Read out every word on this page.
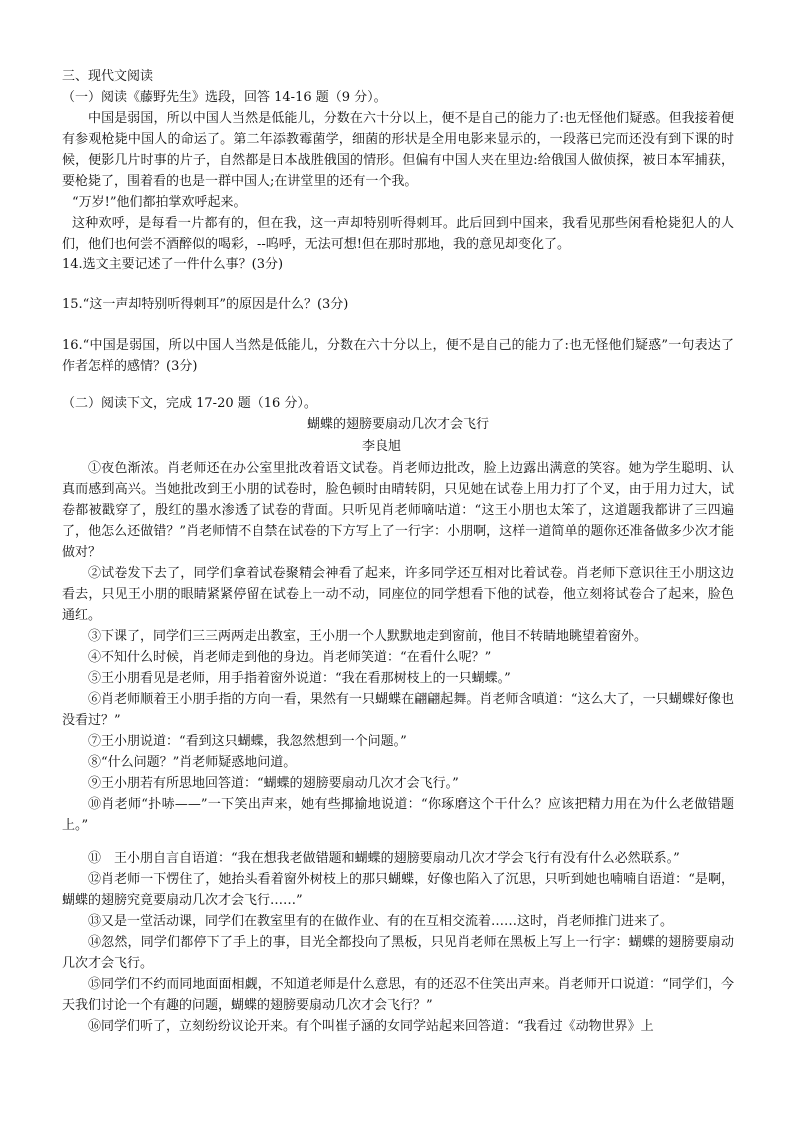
三、现代文阅读

（一）阅读《藤野先生》选段，回答 14-16 题（9 分）。

中国是弱国，所以中国人当然是低能儿，分数在六十分以上，便不是自己的能力了:也无怪他们疑惑。但我接着便有参观枪毙中国人的命运了。第二年添教霉菌学，细菌的形状是全用电影来显示的，一段落已完而还没有到下课的时候，便影几片时事的片子，自然都是日本战胜俄国的情形。但偏有中国人夹在里边:给俄国人做侦探，被日本军捕获，要枪毙了，围着看的也是一群中国人;在讲堂里的还有一个我。

“万岁!”他们都拍掌欢呼起来。

这种欢呼，是每看一片都有的，但在我，这一声却特别听得刺耳。此后回到中国来，我看见那些闲看枪毙犯人的人们，他们也何尝不酒醉似的喝彩，--呜呼，无法可想!但在那时那地，我的意见却变化了。

14.选文主要记述了一件什么事？(3分)

15.“这一声却特别听得刺耳”的原因是什么？(3分)

16.“中国是弱国，所以中国人当然是低能儿，分数在六十分以上，便不是自己的能力了:也无怪他们疑惑”一句表达了作者怎样的感情？(3分)

（二）阅读下文，完成 17-20 题（16 分）。

蝴蝶的翅膀要扇动几次才会飞行

李良旭

①夜色渐浓。肖老师还在办公室里批改着语文试卷。肖老师边批改，脸上边露出满意的笑容。她为学生聪明、认真而感到高兴。当她批改到王小朋的试卷时，脸色顿时由晴转阴，只见她在试卷上用力打了个叉，由于用力过大，试卷都被戳穿了，殷红的墨水渗透了试卷的背面。只听见肖老师嘀咕道：“这王小朋也太笨了，这道题我都讲了三四遍了，他怎么还做错？”肖老师情不自禁在试卷的下方写上了一行字：小朋啊，这样一道简单的题你还准备做多少次才能做对？

②试卷发下去了，同学们拿着试卷聚精会神看了起来，许多同学还互相对比着试卷。肖老师下意识往王小朋这边看去，只见王小朋的眼睛紧紧停留在试卷上一动不动，同座位的同学想看下他的试卷，他立刻将试卷合了起来，脸色通红。

③下课了，同学们三三两两走出教室，王小朋一个人默默地走到窗前，他目不转睛地眺望着窗外。

④不知什么时候，肖老师走到他的身边。肖老师笑道：“在看什么呢？”

⑤王小朋看见是老师，用手指着窗外说道：“我在看那树枝上的一只蝴蝶。”

⑥肖老师顺着王小朋手指的方向一看，果然有一只蝴蝶在翩翩起舞。肖老师含嗔道：“这么大了，一只蝴蝶好像也没看过？”

⑦王小朋说道：“看到这只蝴蝶，我忽然想到一个问题。”

⑧“什么问题？”肖老师疑惑地问道。

⑨王小朋若有所思地回答道：“蝴蝶的翅膀要扇动几次才会飞行。”

⑩肖老师“扑哧——”一下笑出声来，她有些揶揄地说道：“你琢磨这个干什么？应该把精力用在为什么老做错题上。”

⑪　王小朋自言自语道：“我在想我老做错题和蝴蝶的翅膀要扇动几次才学会飞行有没有什么必然联系。”

⑫肖老师一下愣住了，她抬头看着窗外树枝上的那只蝴蝶，好像也陷入了沉思，只听到她也喃喃自语道：“是啊，蝴蝶的翅膀究竟要扇动几次才会飞行……”

⑬又是一堂活动课，同学们在教室里有的在做作业、有的在互相交流着……这时，肖老师推门进来了。

⑭忽然，同学们都停下了手上的事，目光全都投向了黑板，只见肖老师在黑板上写上一行字：蝴蝶的翅膀要扇动几次才会飞行。

⑮同学们不约而同地面面相觑，不知道老师是什么意思，有的还忍不住笑出声来。肖老师开口说道：“同学们，今天我们讨论一个有趣的问题，蝴蝶的翅膀要扇动几次才会飞行？”

⑯同学们听了，立刻纷纷议论开来。有个叫崔子涵的女同学站起来回答道：“我看过《动物世界》上
